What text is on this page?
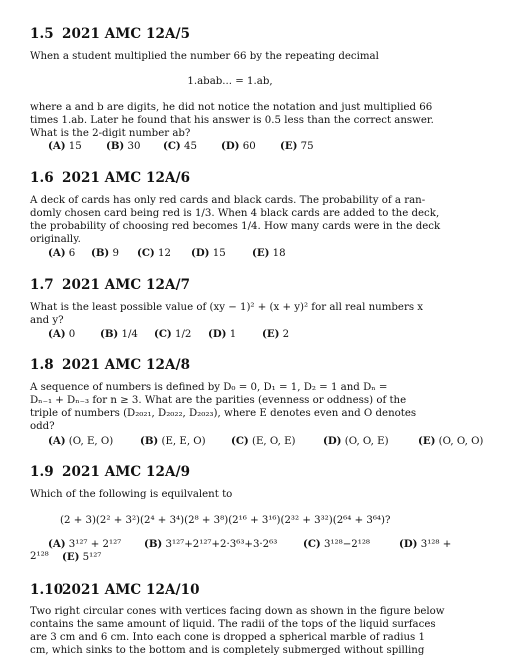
1.5 2021 AMC 12A/5
When a student multiplied the number 66 by the repeating decimal
1.abab... = 1.ab,
where a and b are digits, he did not notice the notation and just multiplied 66
times 1.ab. Later he found that his answer is 0.5 less than the correct answer.
What is the 2-digit number ab?
(A) 15 (B) 30 (C) 45 (D) 60 (E) 75
1.6 2021 AMC 12A/6
A deck of cards has only red cards and black cards. The probability of a ran-
domly chosen card being red is 1/3. When 4 black cards are added to the deck,
the probability of choosing red becomes 1/4. How many cards were in the deck
originally.
(A) 6 (B) 9 (C) 12 (D) 15	(E) 18
1.7 2021 AMC 12A/7
What is the least possible value of (xy − 1)² + (x + y)² for all real numbers x
and y?
(A) 0 (B) 1/4 (C) 1/2 (D) 1	(E) 2
1.8 2021 AMC 12A/8
A sequence of numbers is defined by D₀ = 0, D₁ = 1, D₂ = 1 and Dₙ =
Dₙ₋₁ + Dₙ₋₃ for n ≥ 3. What are the parities (evenness or oddness) of the
triple of numbers (D₂₀₂₁, D₂₀₂₂, D₂₀₂₃), where E denotes even and O denotes
odd?
(A) (O, E, O)	(B) (E, E, O) (C) (E, O, E)	(D) (O, O, E)	(E) (O, O, O)
1.9 2021 AMC 12A/9
Which of the following is equilvalent to
(2 + 3)(2² + 3²)(2⁴ + 3⁴)(2⁸ + 3⁸)(2¹⁶ + 3¹⁶)(2³² + 3³²)(2⁶⁴ + 3⁶⁴)?
(A) 3¹²⁷ + 2¹²⁷ (B) 3¹²⁷+2¹²⁷+2·3⁶³+3·2⁶³	(C) 3¹²⁸−2¹²⁸	(D) 3¹²⁸ +
2¹²⁸ (E) 5¹²⁷
1.102021 AMC 12A/10
Two right circular cones with vertices facing down as shown in the figure below
contains the same amount of liquid. The radii of the tops of the liquid surfaces
are 3 cm and 6 cm. Into each cone is dropped a spherical marble of radius 1
cm, which sinks to the bottom and is completely submerged without spilling
